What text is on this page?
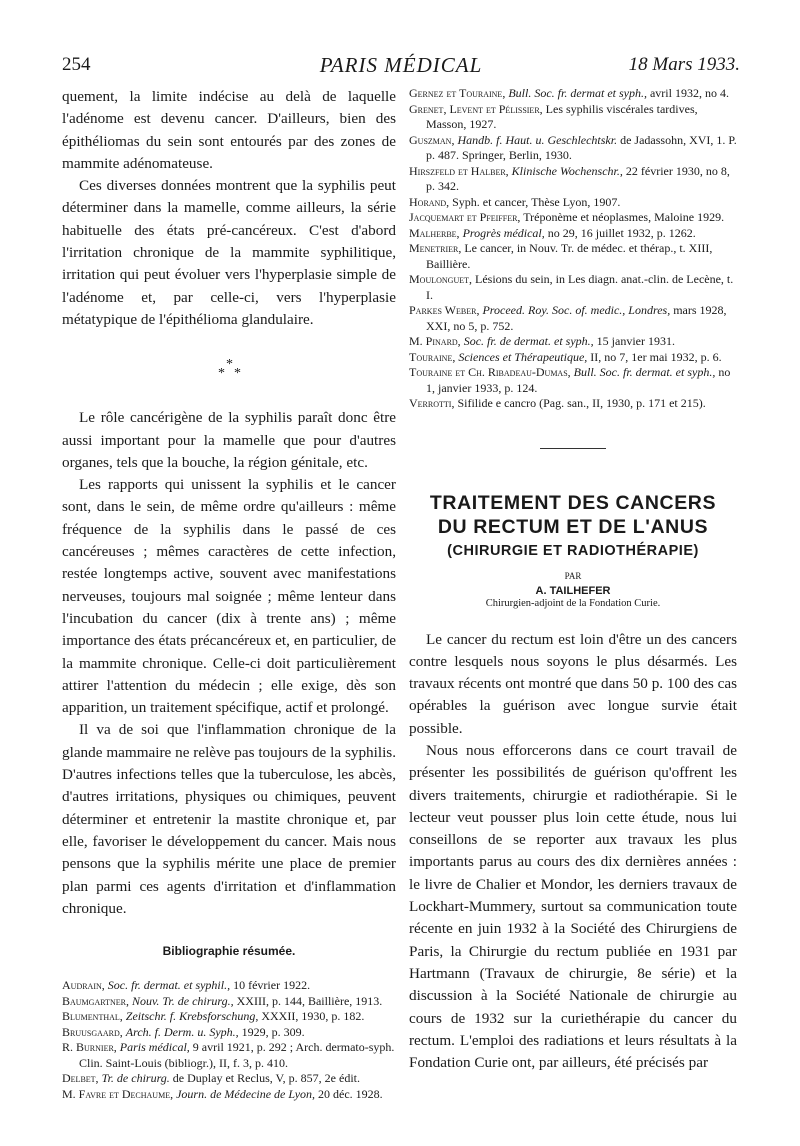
254	PARIS MÉDICAL	18 Mars 1933.

quement, la limite indécise au delà de laquelle l'adénome est devenu cancer. D'ailleurs, bien des épithéliomas du sein sont entourés par des zones de mammite adénomateuse.

Ces diverses données montrent que la syphilis peut déterminer dans la mamelle, comme ailleurs, la série habituelle des états pré-cancéreux. C'est d'abord l'irritation chronique de la mammite syphilitique, irritation qui peut évoluer vers l'hyperplasie simple de l'adénome et, par celle-ci, vers l'hyperplasie métatypique de l'épithélioma glandulaire.

*
*
*

Le rôle cancérigène de la syphilis paraît donc être aussi important pour la mamelle que pour d'autres organes, tels que la bouche, la région génitale, etc.

Les rapports qui unissent la syphilis et le cancer sont, dans le sein, de même ordre qu'ailleurs : même fréquence de la syphilis dans le passé de ces cancéreuses ; mêmes caractères de cette infection, restée longtemps active, souvent avec manifestations nerveuses, toujours mal soignée ; même lenteur dans l'incubation du cancer (dix à trente ans) ; même importance des états précancéreux et, en particulier, de la mammite chronique. Celle-ci doit particulièrement attirer l'attention du médecin ; elle exige, dès son apparition, un traitement spécifique, actif et prolongé.

Il va de soi que l'inflammation chronique de la glande mammaire ne relève pas toujours de la syphilis. D'autres infections telles que la tuberculose, les abcès, d'autres irritations, physiques ou chimiques, peuvent déterminer et entretenir la mastite chronique et, par elle, favoriser le développement du cancer. Mais nous pensons que la syphilis mérite une place de premier plan parmi ces agents d'irritation et d'inflammation chronique.

Bibliographie résumée.

Audrain, Soc. fr. dermat. et syphil., 10 février 1922.

Baumgartner, Nouv. Tr. de chirurg., XXIII, p. 144, Baillière, 1913.

Blumenthal, Zeitschr. f. Krebsforschung, XXXII, 1930, p. 182.

Bruusgaard, Arch. f. Derm. u. Syph., 1929, p. 309.

R. Burnier, Paris médical, 9 avril 1921, p. 292 ; Arch. dermato-syph. Clin. Saint-Louis (bibliogr.), II, f. 3, p. 410.

Delbet, Tr. de chirurg. de Duplay et Reclus, V, p. 857, 2e édit.

M. Favre et Dechaume, Journ. de Médecine de Lyon, 20 déc. 1928.

Gernez et Touraine, Bull. Soc. fr. dermat et syph., avril 1932, no 4.

Grenet, Levent et Pélissier, Les syphilis viscérales tardives, Masson, 1927.

Guszman, Handb. f. Haut. u. Geschlechtskr. de Jadassohn, XVI, 1. P. p. 487. Springer, Berlin, 1930.

Hirszfeld et Halber, Klinische Wochenschr., 22 février 1930, no 8, p. 342.

Horand, Syph. et cancer, Thèse Lyon, 1907.

Jacquemart et Pfeiffer, Tréponème et néoplasmes, Maloine 1929.

Malherbe, Progrès médical, no 29, 16 juillet 1932, p. 1262.

Menetrier, Le cancer, in Nouv. Tr. de médec. et thérap., t. XIII, Baillière.

Moulonguet, Lésions du sein, in Les diagn. anat.-clin. de Lecène, t. I.

Parkes Weber, Proceed. Roy. Soc. of. medic., Londres, mars 1928, XXI, no 5, p. 752.

M. Pinard, Soc. fr. de dermat. et syph., 15 janvier 1931.

Touraine, Sciences et Thérapeutique, II, no 7, 1er mai 1932, p. 6.

Touraine et Ch. Ribadeau-Dumas, Bull. Soc. fr. dermat. et syph., no 1, janvier 1933, p. 124.

Verrotti, Sifilide e cancro (Pag. san., II, 1930, p. 171 et 215).

TRAITEMENT DES CANCERS
DU RECTUM ET DE L'ANUS
(CHIRURGIE ET RADIOTHÉRAPIE)
PAR
A. TAILHEFER
Chirurgien-adjoint de la Fondation Curie.

Le cancer du rectum est loin d'être un des cancers contre lesquels nous soyons le plus désarmés. Les travaux récents ont montré que dans 50 p. 100 des cas opérables la guérison avec longue survie était possible.

Nous nous efforcerons dans ce court travail de présenter les possibilités de guérison qu'offrent les divers traitements, chirurgie et radiothérapie. Si le lecteur veut pousser plus loin cette étude, nous lui conseillons de se reporter aux travaux les plus importants parus au cours des dix dernières années : le livre de Chalier et Mondor, les derniers travaux de Lockhart-Mummery, surtout sa communication toute récente en juin 1932 à la Société des Chirurgiens de Paris, la Chirurgie du rectum publiée en 1931 par Hartmann (Travaux de chirurgie, 8e série) et la discussion à la Société Nationale de chirurgie au cours de 1932 sur la curiethérapie du cancer du rectum. L'emploi des radiations et leurs résultats à la Fondation Curie ont, par ailleurs, été précisés par
